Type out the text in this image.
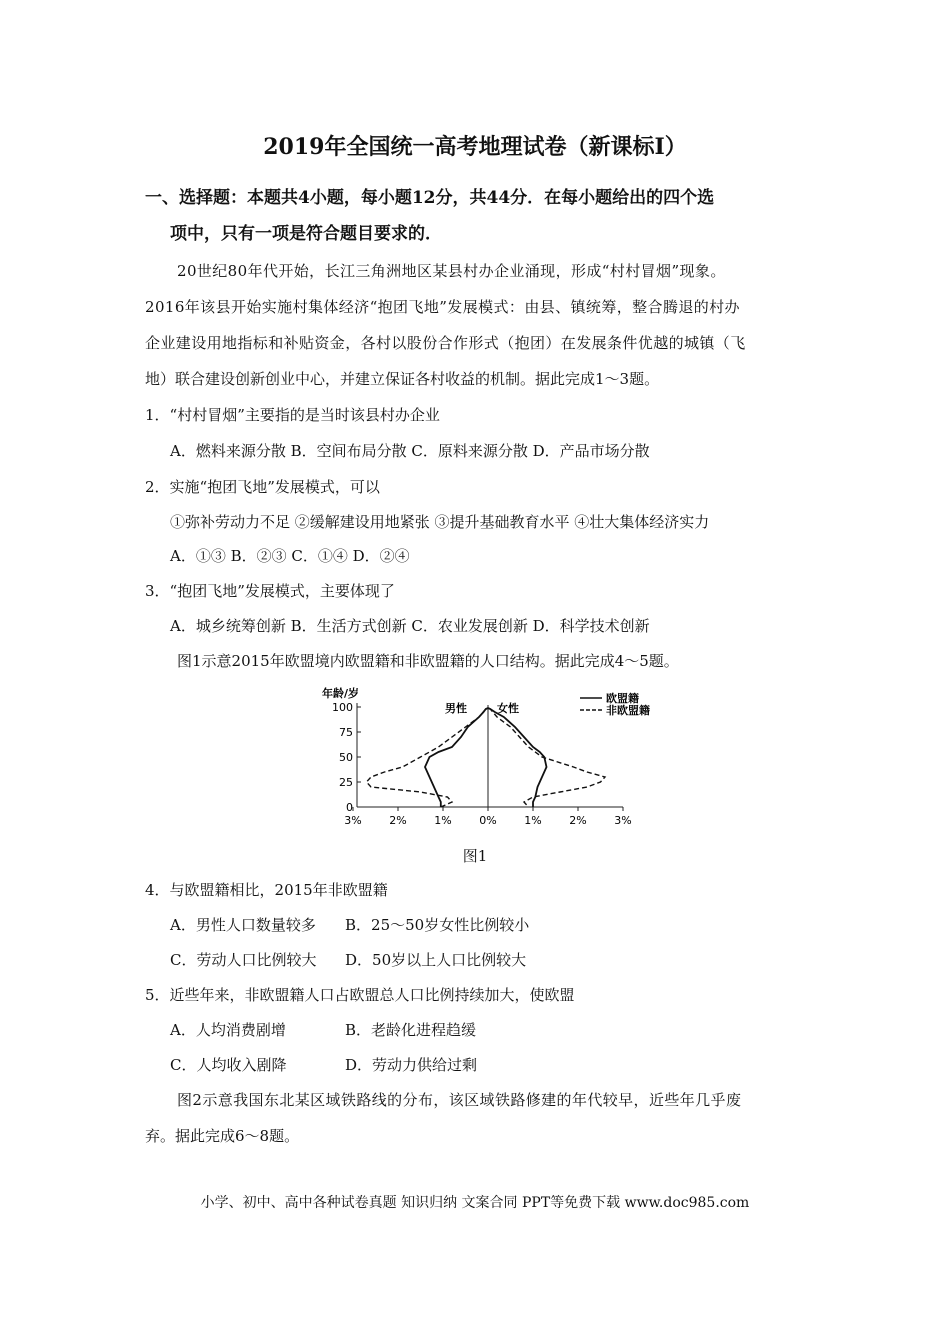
2019年全国统一高考地理试卷（新课标Ⅰ）
一、选择题：本题共4小题，每小题12分，共44分．在每小题给出的四个选
项中，只有一项是符合题目要求的．
20世纪80年代开始，长江三角洲地区某县村办企业涌现，形成“村村冒烟”现象。
2016年该县开始实施村集体经济“抱团飞地”发展模式：由县、镇统筹，整合腾退的村办
企业建设用地指标和补贴资金，各村以股份合作形式（抱团）在发展条件优越的城镇（飞
地）联合建设创新创业中心，并建立保证各村收益的机制。据此完成1～3题。
1．“村村冒烟”主要指的是当时该县村办企业
A．燃料来源分散 B．空间布局分散 C．原料来源分散 D．产品市场分散
2．实施“抱团飞地”发展模式，可以
①弥补劳动力不足 ②缓解建设用地紧张 ③提升基础教育水平 ④壮大集体经济实力
A．①③ B．②③ C．①④ D．②④
3．“抱团飞地”发展模式，主要体现了
A．城乡统筹创新 B．生活方式创新 C．农业发展创新 D．科学技术创新
图1示意2015年欧盟境内欧盟籍和非欧盟籍的人口结构。据此完成4～5题。
年龄/岁
100
75
50
25
0
3%	2%	1%	0%	1%	2%	3%
男性	女性
欧盟籍
非欧盟籍
图1
4．与欧盟籍相比，2015年非欧盟籍
A．男性人口数量较多 B．25～50岁女性比例较小
C．劳动人口比例较大 D．50岁以上人口比例较大
5．近些年来，非欧盟籍人口占欧盟总人口比例持续加大，使欧盟
A．人均消费剧增	B．老龄化进程趋缓
C．人均收入剧降	D．劳动力供给过剩
图2示意我国东北某区域铁路线的分布，该区域铁路修建的年代较早，近些年几乎废
弃。据此完成6～8题。
小学、初中、高中各种试卷真题 知识归纳 文案合同 PPT等免费下载 www.doc985.com
